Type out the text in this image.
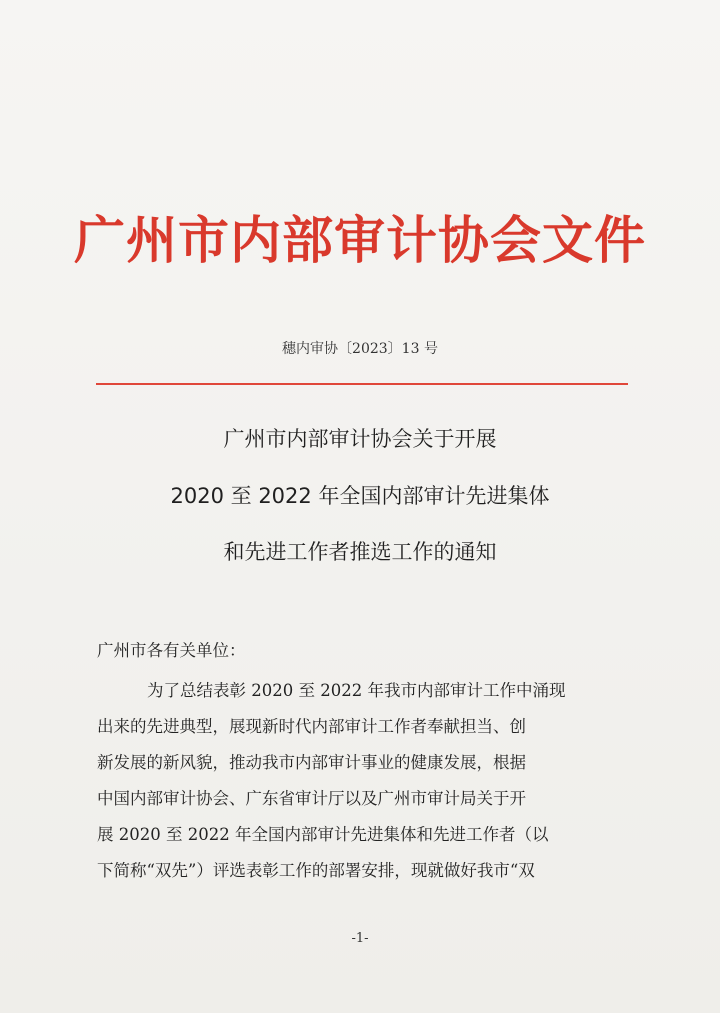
广州市内部审计协会文件
穗内审协〔2023〕13 号
广州市内部审计协会关于开展
2020 至 2022 年全国内部审计先进集体
和先进工作者推选工作的通知
广州市各有关单位：
为了总结表彰 2020 至 2022 年我市内部审计工作中涌现
出来的先进典型，展现新时代内部审计工作者奉献担当、创
新发展的新风貌，推动我市内部审计事业的健康发展，根据
中国内部审计协会、广东省审计厅以及广州市审计局关于开
展 2020 至 2022 年全国内部审计先进集体和先进工作者（以
下简称“双先”）评选表彰工作的部署安排，现就做好我市“双
-1-
